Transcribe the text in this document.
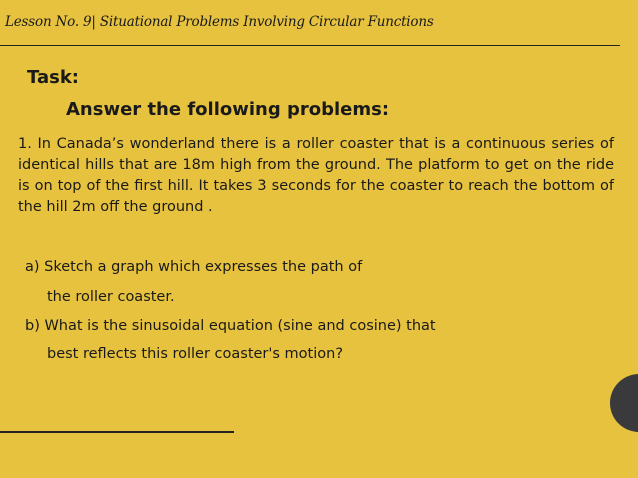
Lesson No. 9| Situational Problems Involving Circular Functions
Task:
Answer the following problems:
1. In Canada’s wonderland there is a roller coaster that is a continuous series of identical hills that are 18m high from the ground. The platform to get on the ride is on top of the first hill. It takes 3 seconds for the coaster to reach the bottom of the hill 2m off the ground .
a) Sketch a graph which expresses the path of
the roller coaster.
b) What is the sinusoidal equation (sine and cosine) that
best reflects this roller coaster's motion?
